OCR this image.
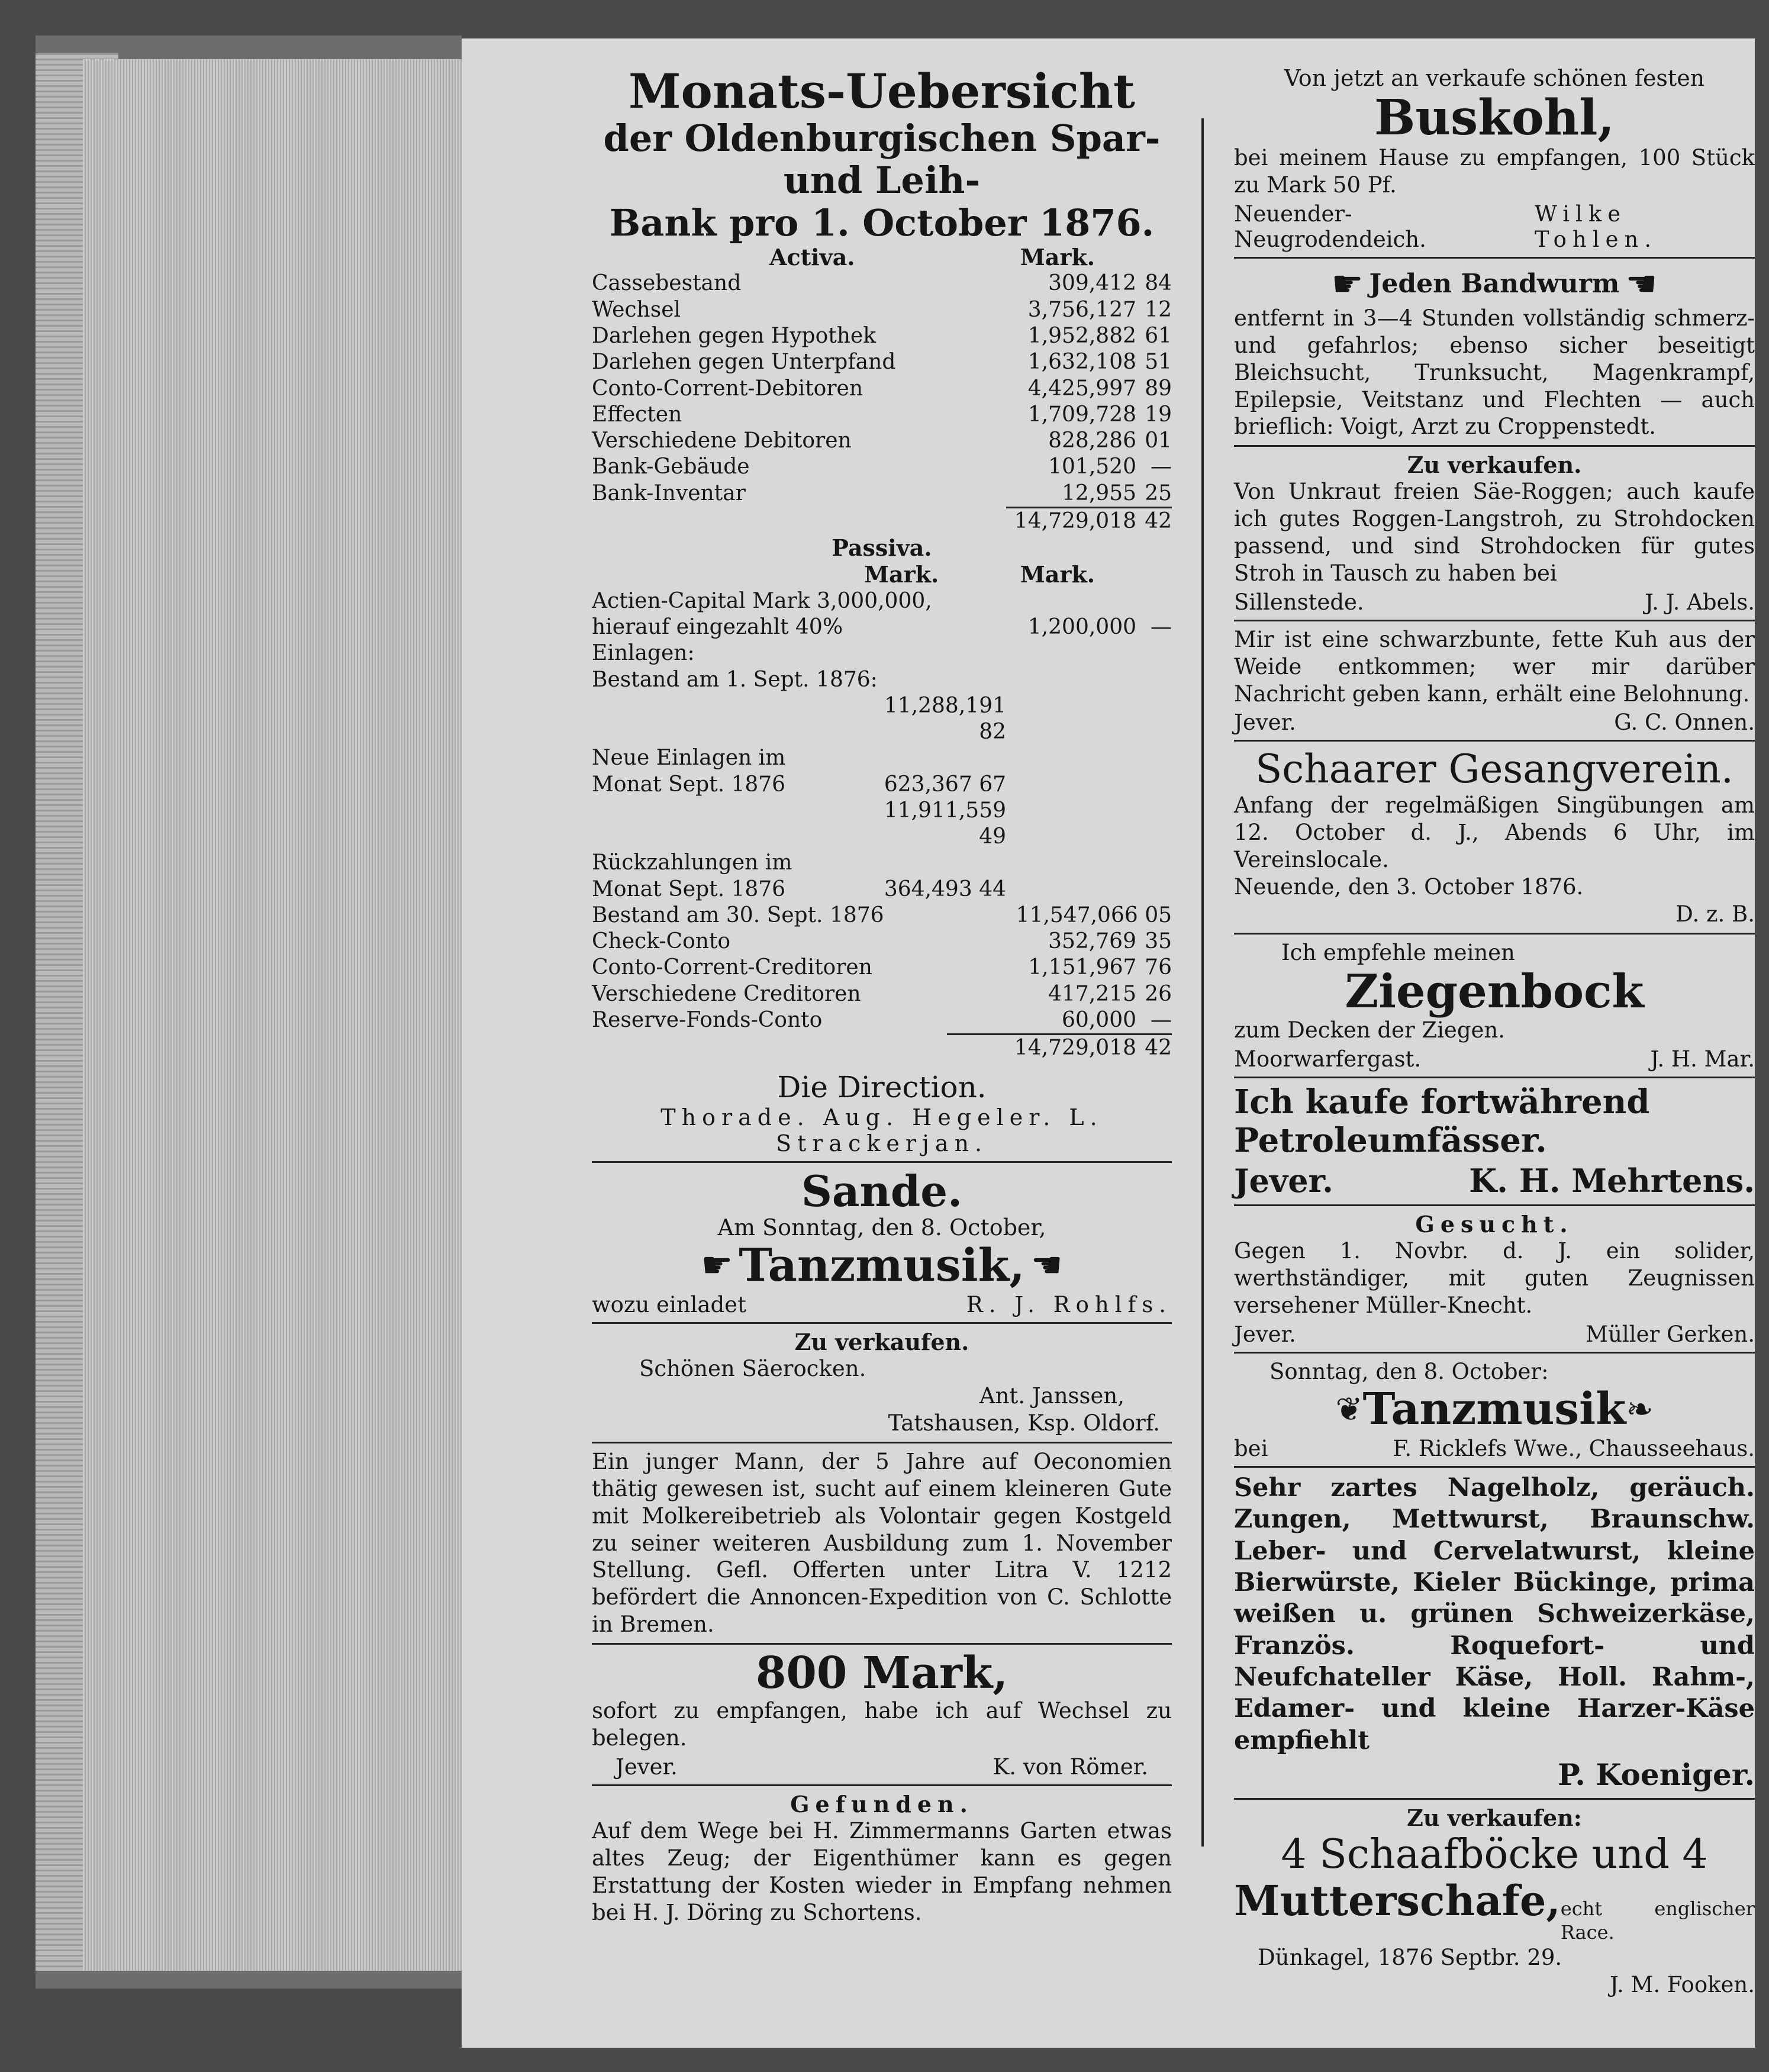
Monats-Uebersicht
der Oldenburgischen Spar- und Leih-
Bank pro 1. October 1876.
Activa.	Mark.
Cassebestand	309,412 84
Wechsel	3,756,127 12
Darlehen gegen Hypothek	1,952,882 61
Darlehen gegen Unterpfand	1,632,108 51
Conto-Corrent-Debitoren	4,425,997 89
Effecten	1,709,728 19
Verschiedene Debitoren	828,286 01
Bank-Gebäude	101,520 —
Bank-Inventar	12,955 25
14,729,018 42
Passiva.
Mark.	Mark.
Actien-Capital Mark 3,000,000,
hierauf eingezahlt 40%	1,200,000 —
Einlagen:
Bestand am 1. Sept. 1876:
11,288,191 82
Neue Einlagen im
Monat Sept. 1876	623,367 67
11,911,559 49
Rückzahlungen im
Monat Sept. 1876	364,493 44
Bestand am 30. Sept. 1876	11,547,066 05
Check-Conto	352,769 35
Conto-Corrent-Creditoren	1,151,967 76
Verschiedene Creditoren	417,215 26
Reserve-Fonds-Conto	60,000 —
14,729,018 42
Die Direction.
Thorade. Aug. Hegeler. L. Strackerjan.
Sande.
Am Sonntag, den 8. October,
☛ Tanzmusik, ☚
wozu einladet	R. J. Rohlfs.
Zu verkaufen.
Schönen Säerocken.
Ant. Janssen,
Tatshausen, Ksp. Oldorf.
Ein junger Mann, der 5 Jahre auf Oeconomien thätig gewesen ist, sucht auf einem kleineren Gute mit Molkereibetrieb als Volontair gegen Kostgeld zu seiner weiteren Ausbildung zum 1. November Stellung. Gefl. Offerten unter Litra V. 1212 befördert die Annoncen-Expedition von C. Schlotte in Bremen.
800 Mark,
sofort zu empfangen, habe ich auf Wechsel zu belegen.
Jever.	K. von Römer.
Gefunden.
Auf dem Wege bei H. Zimmermanns Garten etwas altes Zeug; der Eigenthümer kann es gegen Erstattung der Kosten wieder in Empfang nehmen bei H. J. Döring zu Schortens.
Von jetzt an verkaufe schönen festen
Buskohl,
bei meinem Hause zu empfangen, 100 Stück zu Mark 50 Pf.
Neuender-Neugrodendeich.
Wilke Tohlen.
☛ Jeden Bandwurm ☚
entfernt in 3—4 Stunden vollständig schmerz- und gefahrlos; ebenso sicher beseitigt Bleichsucht, Trunksucht, Magenkrampf, Epilepsie, Veitstanz und Flechten — auch brieflich: Voigt, Arzt zu Croppenstedt.
Zu verkaufen.
Von Unkraut freien Säe-Roggen; auch kaufe ich gutes Roggen-Langstroh, zu Strohdocken passend, und sind Strohdocken für gutes Stroh in Tausch zu haben bei
Sillenstede.	J. J. Abels.
Mir ist eine schwarzbunte, fette Kuh aus der Weide entkommen; wer mir darüber Nachricht geben kann, erhält eine Belohnung.
Jever.	G. C. Onnen.
Schaarer Gesangverein.
Anfang der regelmäßigen Singübungen am 12. October d. J., Abends 6 Uhr, im Vereinslocale.
Neuende, den 3. October 1876.
D. z. B.
Ich empfehle meinen
Ziegenbock
zum Decken der Ziegen.
Moorwarfergast.	J. H. Mar.
Ich kaufe fortwährend Petroleumfässer.
Jever.	K. H. Mehrtens.
Gesucht.
Gegen 1. Novbr. d. J. ein solider, werthständiger, mit guten Zeugnissen versehener Müller-Knecht.
Jever.	Müller Gerken.
Sonntag, den 8. October:
❦ Tanzmusik ❧
bei	F. Ricklefs Wwe., Chausseehaus.
Sehr zartes Nagelholz, geräuch. Zungen, Mettwurst, Braunschw. Leber- und Cervelatwurst, kleine Bierwürste, Kieler Bückinge, prima weißen u. grünen Schweizerkäse, Französ. Roquefort- und Neufchateller Käse, Holl. Rahm-, Edamer- und kleine Harzer-Käse empfiehlt
P. Koeniger.
Zu verkaufen:
4 Schaafböcke und 4
Mutterschafe, echt englischer Race.
Dünkagel, 1876 Septbr. 29.
J. M. Fooken.
